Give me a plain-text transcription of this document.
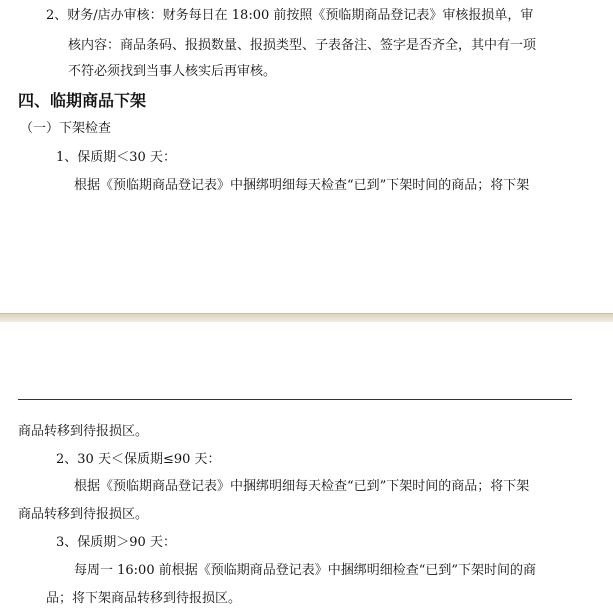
2、财务/店办审核：财务每日在 18:00 前按照《预临期商品登记表》审核报损单，审
核内容：商品条码、报损数量、报损类型、子表备注、签字是否齐全，其中有一项
不符必须找到当事人核实后再审核。
四、临期商品下架
（一）下架检查
1、保质期＜30 天：
根据《预临期商品登记表》中捆绑明细每天检查“已到”下架时间的商品；将下架
商品转移到待报损区。
2、30 天＜保质期≤90 天：
根据《预临期商品登记表》中捆绑明细每天检查“已到”下架时间的商品；将下架
商品转移到待报损区。
3、保质期＞90 天：
每周一 16:00 前根据《预临期商品登记表》中捆绑明细检查“已到”下架时间的商
品；将下架商品转移到待报损区。
